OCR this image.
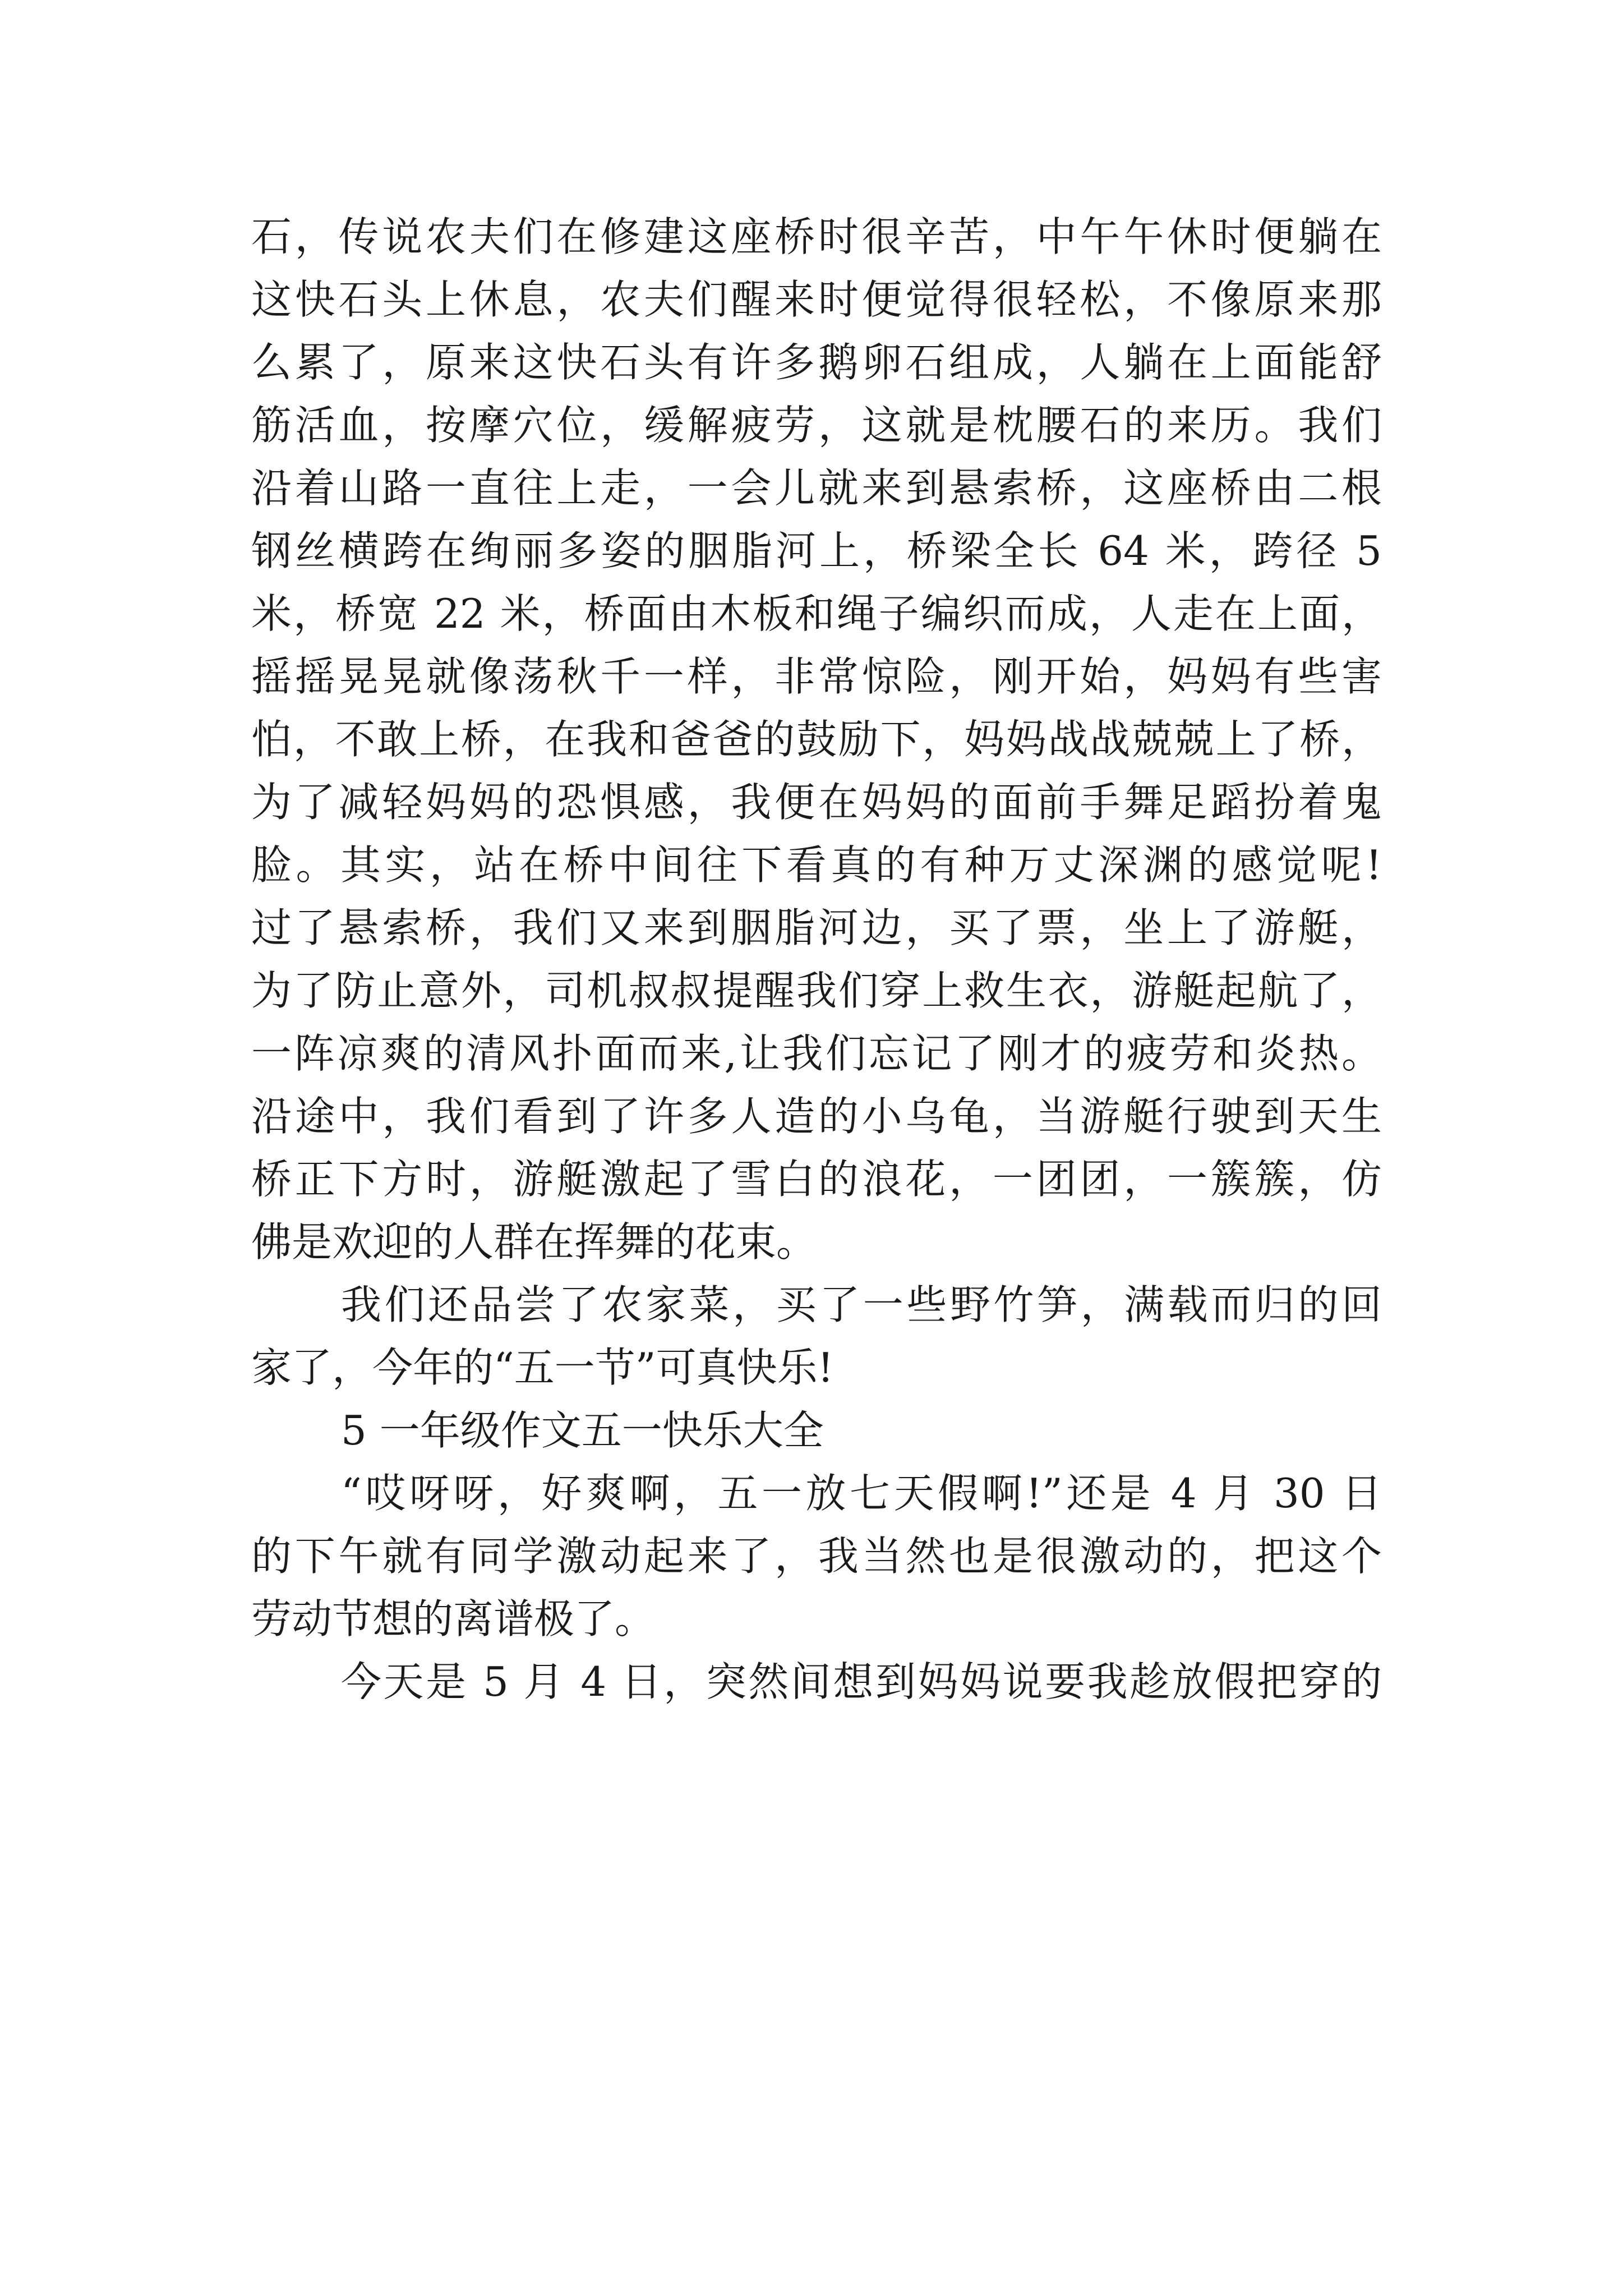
石，传说农夫们在修建这座桥时很辛苦，中午午休时便躺在
这快石头上休息，农夫们醒来时便觉得很轻松，不像原来那
么累了，原来这快石头有许多鹅卵石组成，人躺在上面能舒
筋活血，按摩穴位，缓解疲劳，这就是枕腰石的来历。我们
沿着山路一直往上走，一会儿就来到悬索桥，这座桥由二根
钢丝横跨在绚丽多姿的胭脂河上，桥梁全长 64 米，跨径 5
米，桥宽 22 米，桥面由木板和绳子编织而成，人走在上面，
摇摇晃晃就像荡秋千一样，非常惊险，刚开始，妈妈有些害
怕，不敢上桥，在我和爸爸的鼓励下，妈妈战战兢兢上了桥，
为了减轻妈妈的恐惧感，我便在妈妈的面前手舞足蹈扮着鬼
脸。其实，站在桥中间往下看真的有种万丈深渊的感觉呢!
过了悬索桥，我们又来到胭脂河边，买了票，坐上了游艇，
为了防止意外，司机叔叔提醒我们穿上救生衣，游艇起航了，
一阵凉爽的清风扑面而来,让我们忘记了刚才的疲劳和炎热。
沿途中，我们看到了许多人造的小乌龟，当游艇行驶到天生
桥正下方时，游艇激起了雪白的浪花，一团团，一簇簇，仿
佛是欢迎的人群在挥舞的花束。
我们还品尝了农家菜，买了一些野竹笋，满载而归的回
家了，今年的“五一节”可真快乐!
5 一年级作文五一快乐大全
“哎呀呀，好爽啊，五一放七天假啊!”还是 4 月 30 日
的下午就有同学激动起来了，我当然也是很激动的，把这个
劳动节想的离谱极了。
今天是 5 月 4 日，突然间想到妈妈说要我趁放假把穿的
